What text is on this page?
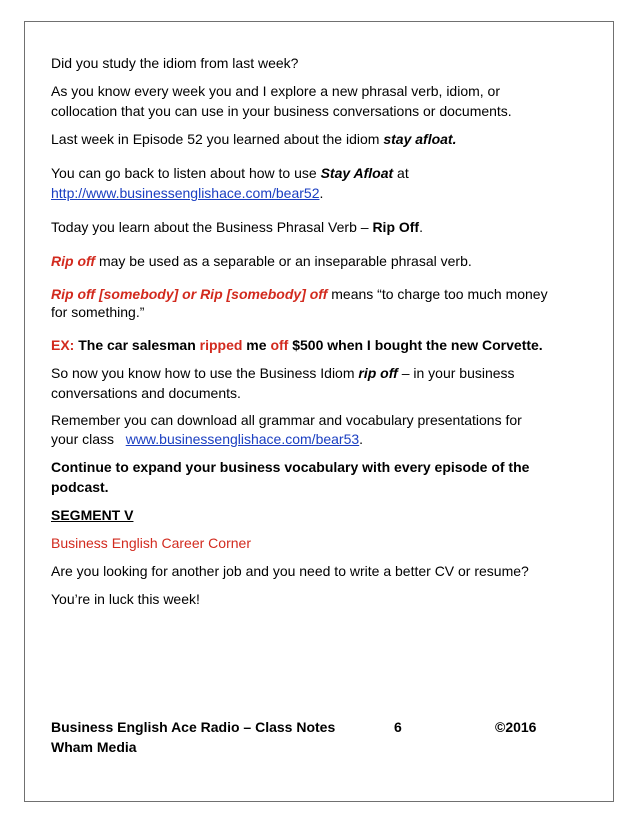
Did you study the idiom from last week?

As you know every week you and I explore a new phrasal verb, idiom, or collocation that you can use in your business conversations or documents.

Last week in Episode 52 you learned about the idiom stay afloat.

You can go back to listen about how to use Stay Afloat at
http://www.businessenglishace.com/bear52.

Today you learn about the Business Phrasal Verb – Rip Off.

Rip off may be used as a separable or an inseparable phrasal verb.

Rip off [somebody] or Rip [somebody] off means “to charge too much money for something.”

EX: The car salesman ripped me off $500 when I bought the new Corvette.

So now you know how to use the Business Idiom rip off – in your business conversations and documents.

Remember you can download all grammar and vocabulary presentations for your class www.businessenglishace.com/bear53.

Continue to expand your business vocabulary with every episode of the podcast.

SEGMENT V

Business English Career Corner

Are you looking for another job and you need to write a better CV or resume?

You’re in luck this week!

Business English Ace Radio – Class Notes	6	©2016
Wham Media
